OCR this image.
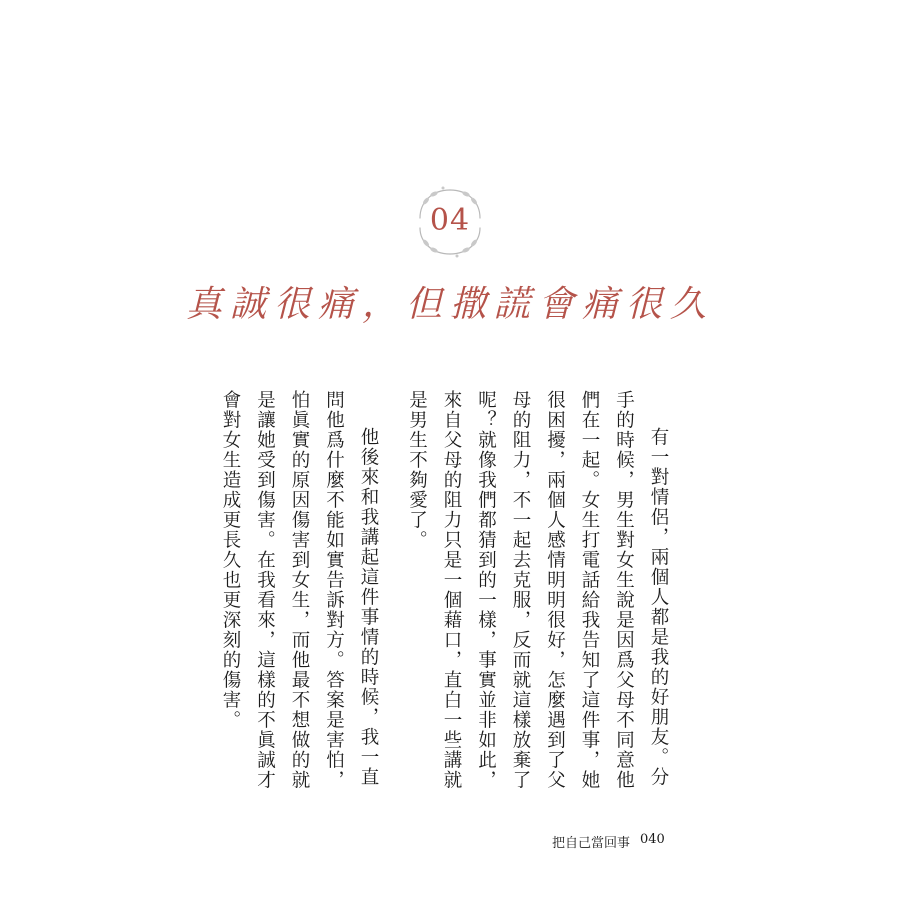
04
真誠很痛，但撒謊會痛很久

有一對情侶，兩個人都是我的好朋友。分手的時候，男生對女生說是因爲父母不同意他們在一起。女生打電話給我告知了這件事，她很困擾，兩個人感情明明很好，怎麼遇到了父母的阻力，不一起去克服，反而就這樣放棄了呢？就像我們都猜到的一樣，事實並非如此，來自父母的阻力只是一個藉口，直白一些講就是男生不夠愛了。

他後來和我講起這件事情的時候，我一直問他爲什麼不能如實告訴對方。答案是害怕，怕眞實的原因傷害到女生，而他最不想做的就是讓她受到傷害。在我看來，這樣的不眞誠才會對女生造成更長久也更深刻的傷害。

把自己當回事 040
